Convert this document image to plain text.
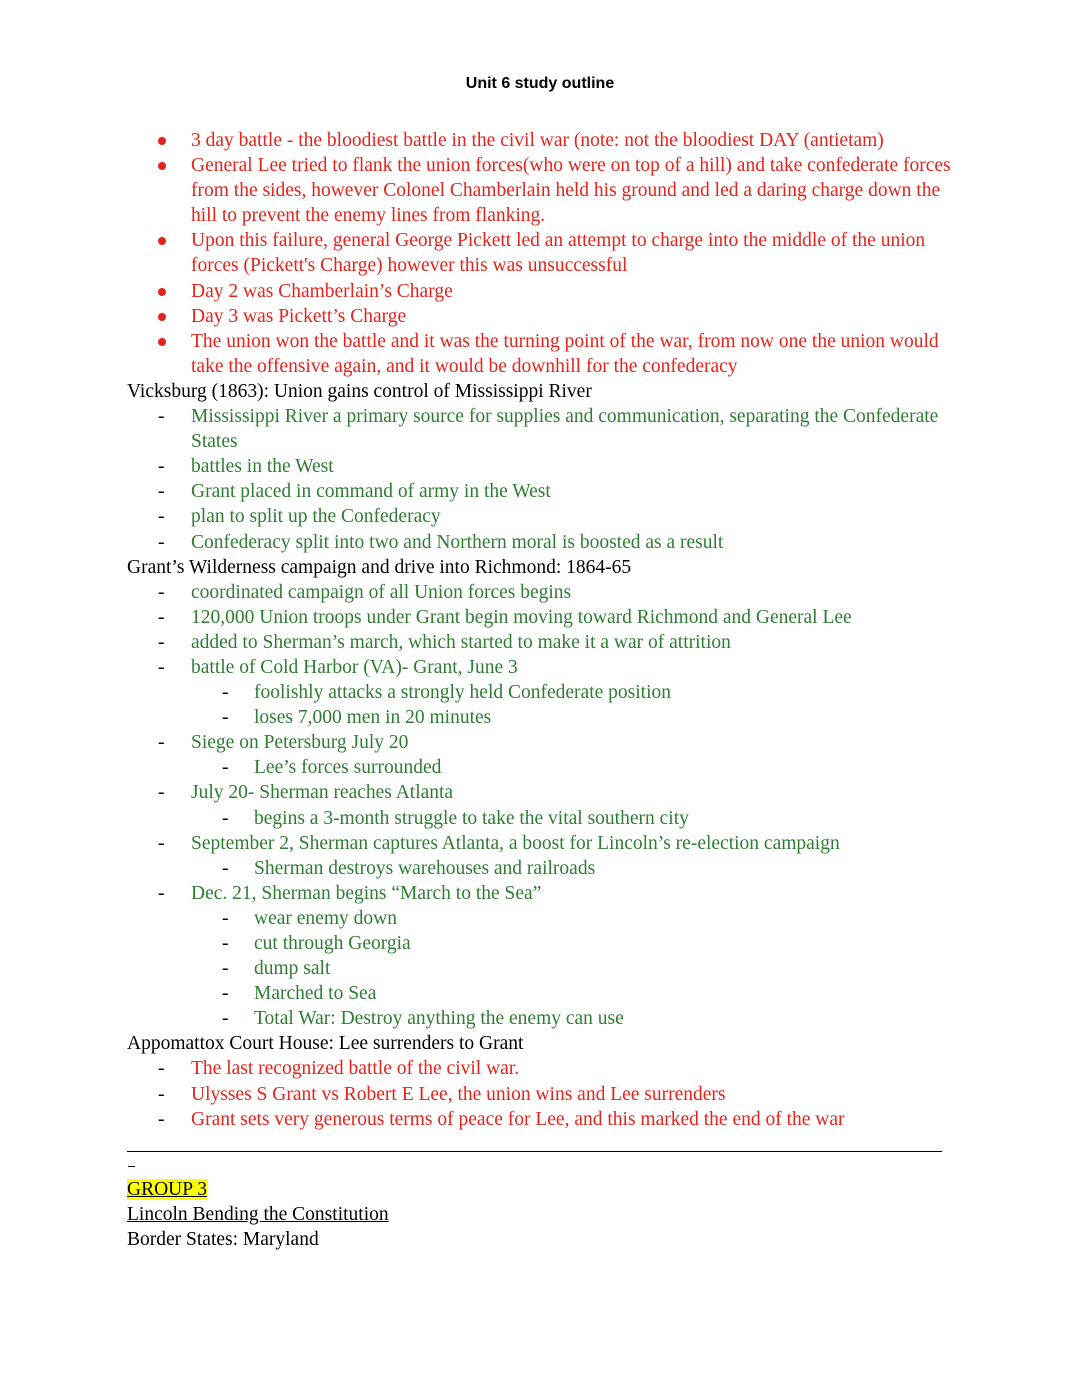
Unit 6 study outline
3 day battle - the bloodiest battle in the civil war (note: not the bloodiest DAY (antietam)
General Lee tried to flank the union forces(who were on top of a hill) and take confederate forces from the sides, however Colonel Chamberlain held his ground and led a daring charge down the hill to prevent the enemy lines from flanking.
Upon this failure, general George Pickett led an attempt to charge into the middle of the union forces (Pickett's Charge) however this was unsuccessful
Day 2 was Chamberlain’s Charge
Day 3 was Pickett’s Charge
The union won the battle and it was the turning point of the war, from now one the union would take the offensive again, and it would be downhill for the confederacy
Vicksburg (1863): Union gains control of Mississippi River
- Mississippi River a primary source for supplies and communication, separating the Confederate States
- battles in the West
- Grant placed in command of army in the West
- plan to split up the Confederacy
- Confederacy split into two and Northern moral is boosted as a result
Grant’s Wilderness campaign and drive into Richmond: 1864-65
- coordinated campaign of all Union forces begins
- 120,000 Union troops under Grant begin moving toward Richmond and General Lee
- added to Sherman’s march, which started to make it a war of attrition
- battle of Cold Harbor (VA)- Grant, June 3
- foolishly attacks a strongly held Confederate position
- loses 7,000 men in 20 minutes
- Siege on Petersburg July 20
- Lee’s forces surrounded
- July 20- Sherman reaches Atlanta
- begins a 3-month struggle to take the vital southern city
- September 2, Sherman captures Atlanta, a boost for Lincoln’s re-election campaign
- Sherman destroys warehouses and railroads
- Dec. 21, Sherman begins “March to the Sea”
- wear enemy down
- cut through Georgia
- dump salt
- Marched to Sea
- Total War: Destroy anything the enemy can use
Appomattox Court House: Lee surrenders to Grant
- The last recognized battle of the civil war.
- Ulysses S Grant vs Robert E Lee, the union wins and Lee surrenders
- Grant sets very generous terms of peace for Lee, and this marked the end of the war
GROUP 3
Lincoln Bending the Constitution
Border States: Maryland
